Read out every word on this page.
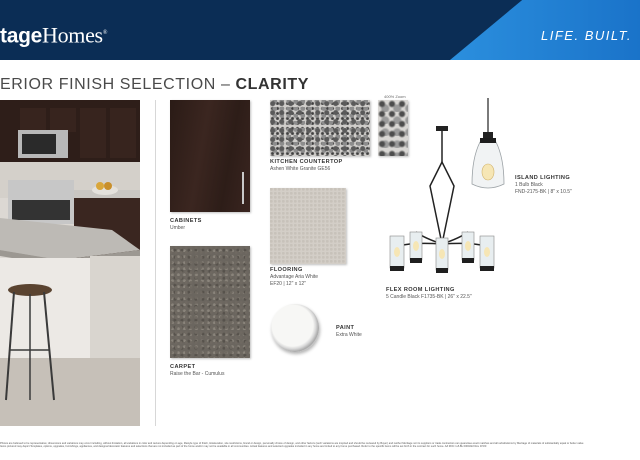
tageHomes®	LIFE. BUILT.
ERIOR FINISH SELECTION – CLARITY
CABINETS
Umber
CARPET
Raise the Bar - Cumulus
400% Zoom
KITCHEN COUNTERTOP
Ashen White Granite GE56
FLOORING
Advantage Aria White
EF20 | 12" x 12"
PAINT
Extra White
ISLAND LIGHTING
1 Bulb Black
FND-2175-BK | 8" x 10.5"
FLEX ROOM LIGHTING
5 Candle Black F1735-BK | 26" x 22.5"
Photos are believed to be representative; dimensions and variations may occur including, without limitation, all variations in color and texture depending on age, lifestyle type of finish, lot/elevation, site restrictions, brand or design, personally choice of design, and other factors (such variations are inspired and should be reviewed by Buyer) and neither Meritage nor its suppliers or trade contractors can guarantee exact matches and all substitutions by Meritage of materials of substantially equal or better value
Items pictured may depict Templates, options, upgrades, furnishings, appliances, and designer/decorator features and selections that are not included as part of the home and/or may not be available in all communities. Actual features and selected upgrades included in any home are limited to any home purchased. Refer to the specific items will be set forth in the contract for such home. AZ ROC 1-8-BL 0000222 Rev 07/20
